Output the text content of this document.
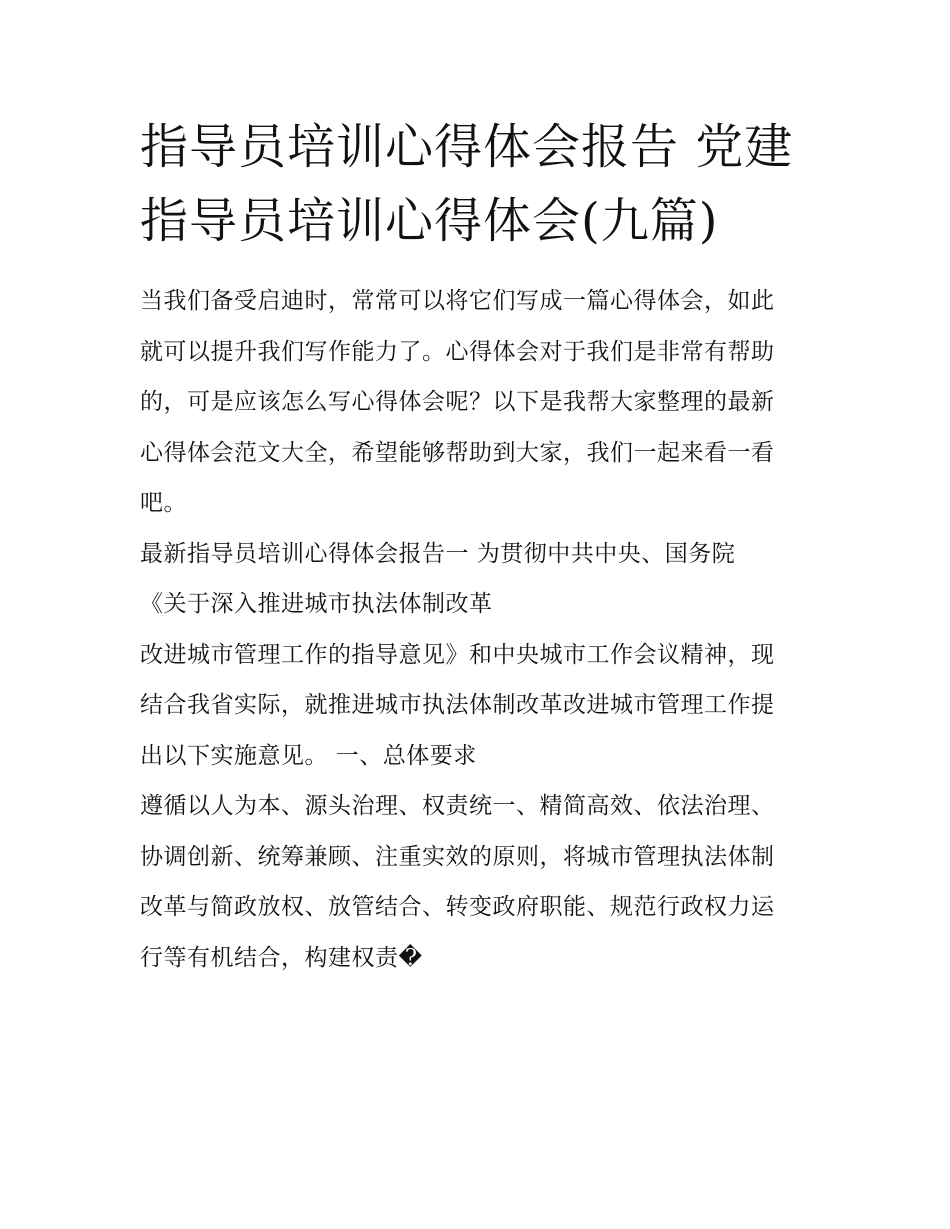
指导员培训心得体会报告 党建
指导员培训心得体会(九篇)
当我们备受启迪时，常常可以将它们写成一篇心得体会，如此
就可以提升我们写作能力了。心得体会对于我们是非常有帮助
的，可是应该怎么写心得体会呢？以下是我帮大家整理的最新
心得体会范文大全，希望能够帮助到大家，我们一起来看一看
吧。
最新指导员培训心得体会报告一 为贯彻中共中央、国务院
《关于深入推进城市执法体制改革
改进城市管理工作的指导意见》和中央城市工作会议精神，现
结合我省实际，就推进城市执法体制改革改进城市管理工作提
出以下实施意见。 一、总体要求
遵循以人为本、源头治理、权责统一、精简高效、依法治理、
协调创新、统筹兼顾、注重实效的原则，将城市管理执法体制
改革与简政放权、放管结合、转变政府职能、规范行政权力运
行等有机结合，构建权责�
